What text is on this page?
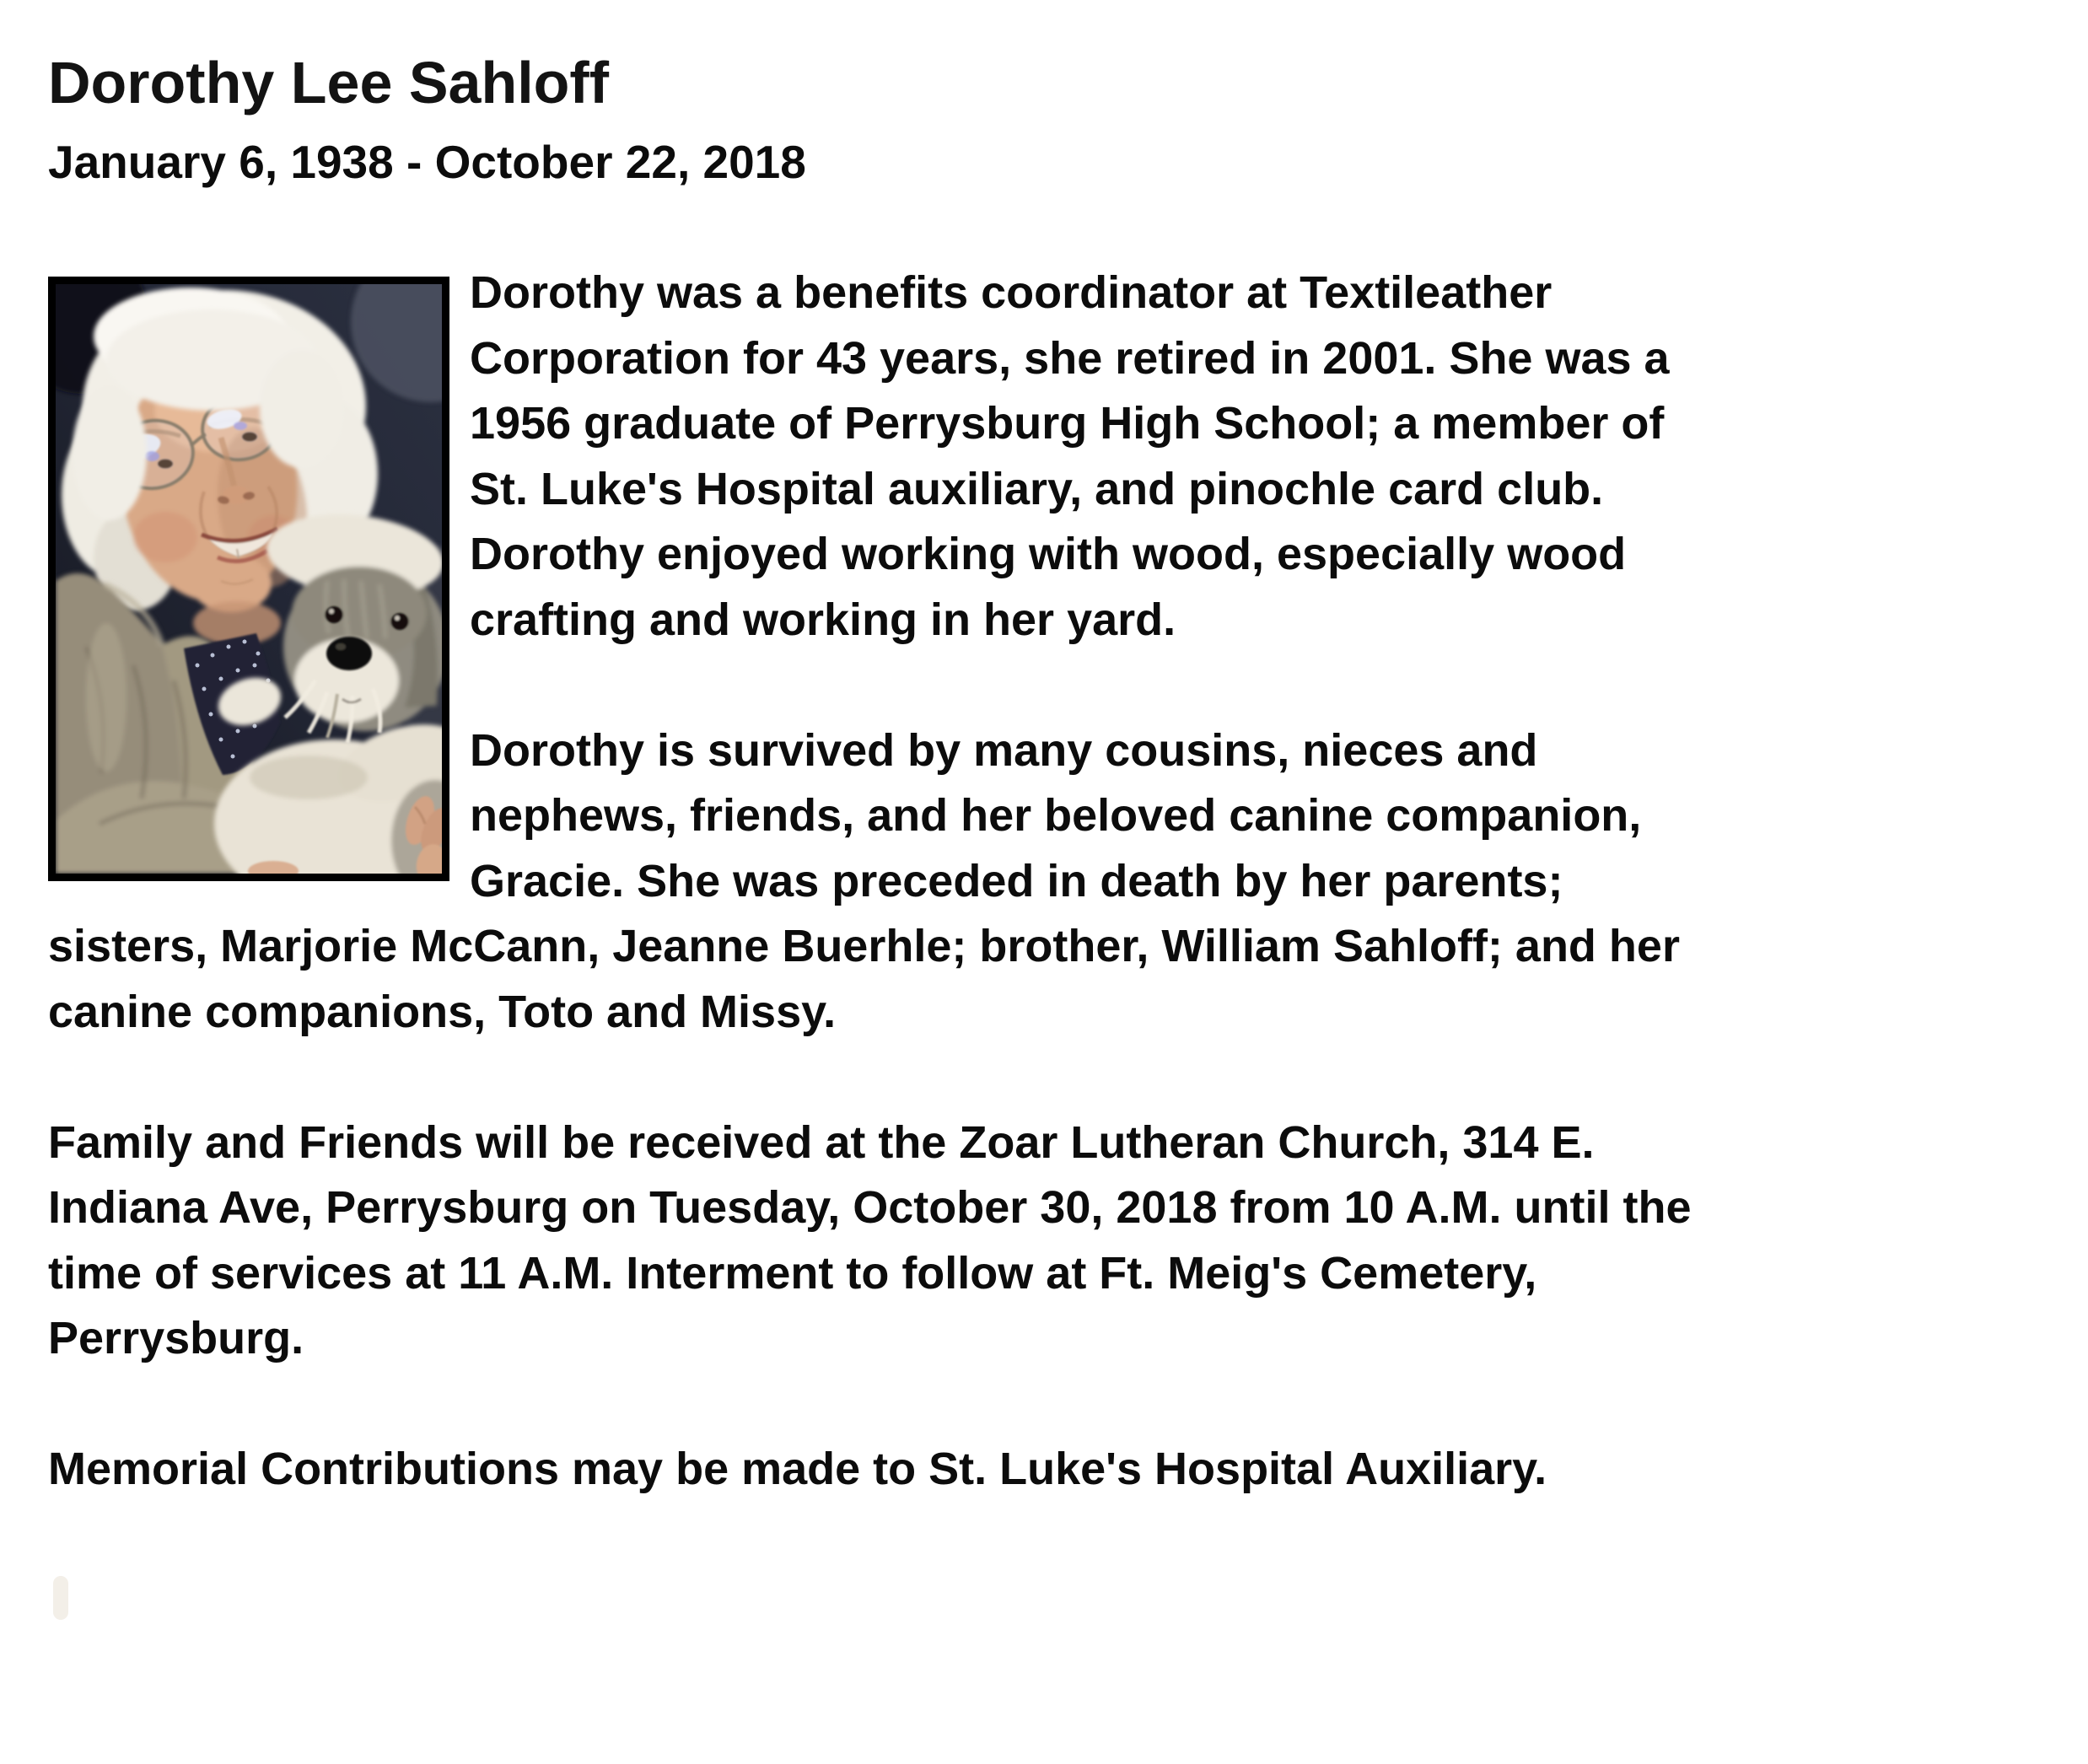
Dorothy Lee Sahloff
January 6, 1938 - October 22, 2018

Dorothy was a benefits coordinator at Textileather Corporation for 43 years, she retired in 2001. She was a 1956 graduate of Perrysburg High School; a member of St. Luke's Hospital auxiliary, and pinochle card club. Dorothy enjoyed working with wood, especially wood crafting and working in her yard.

Dorothy is survived by many cousins, nieces and nephews, friends, and her beloved canine companion, Gracie. She was preceded in death by her parents; sisters, Marjorie McCann, Jeanne Buerhle; brother, William Sahloff; and her canine companions, Toto and Missy.

Family and Friends will be received at the Zoar Lutheran Church, 314 E. Indiana Ave, Perrysburg on Tuesday, October 30, 2018 from 10 A.M. until the time of services at 11 A.M. Interment to follow at Ft. Meig's Cemetery, Perrysburg.

Memorial Contributions may be made to St. Luke's Hospital Auxiliary.
